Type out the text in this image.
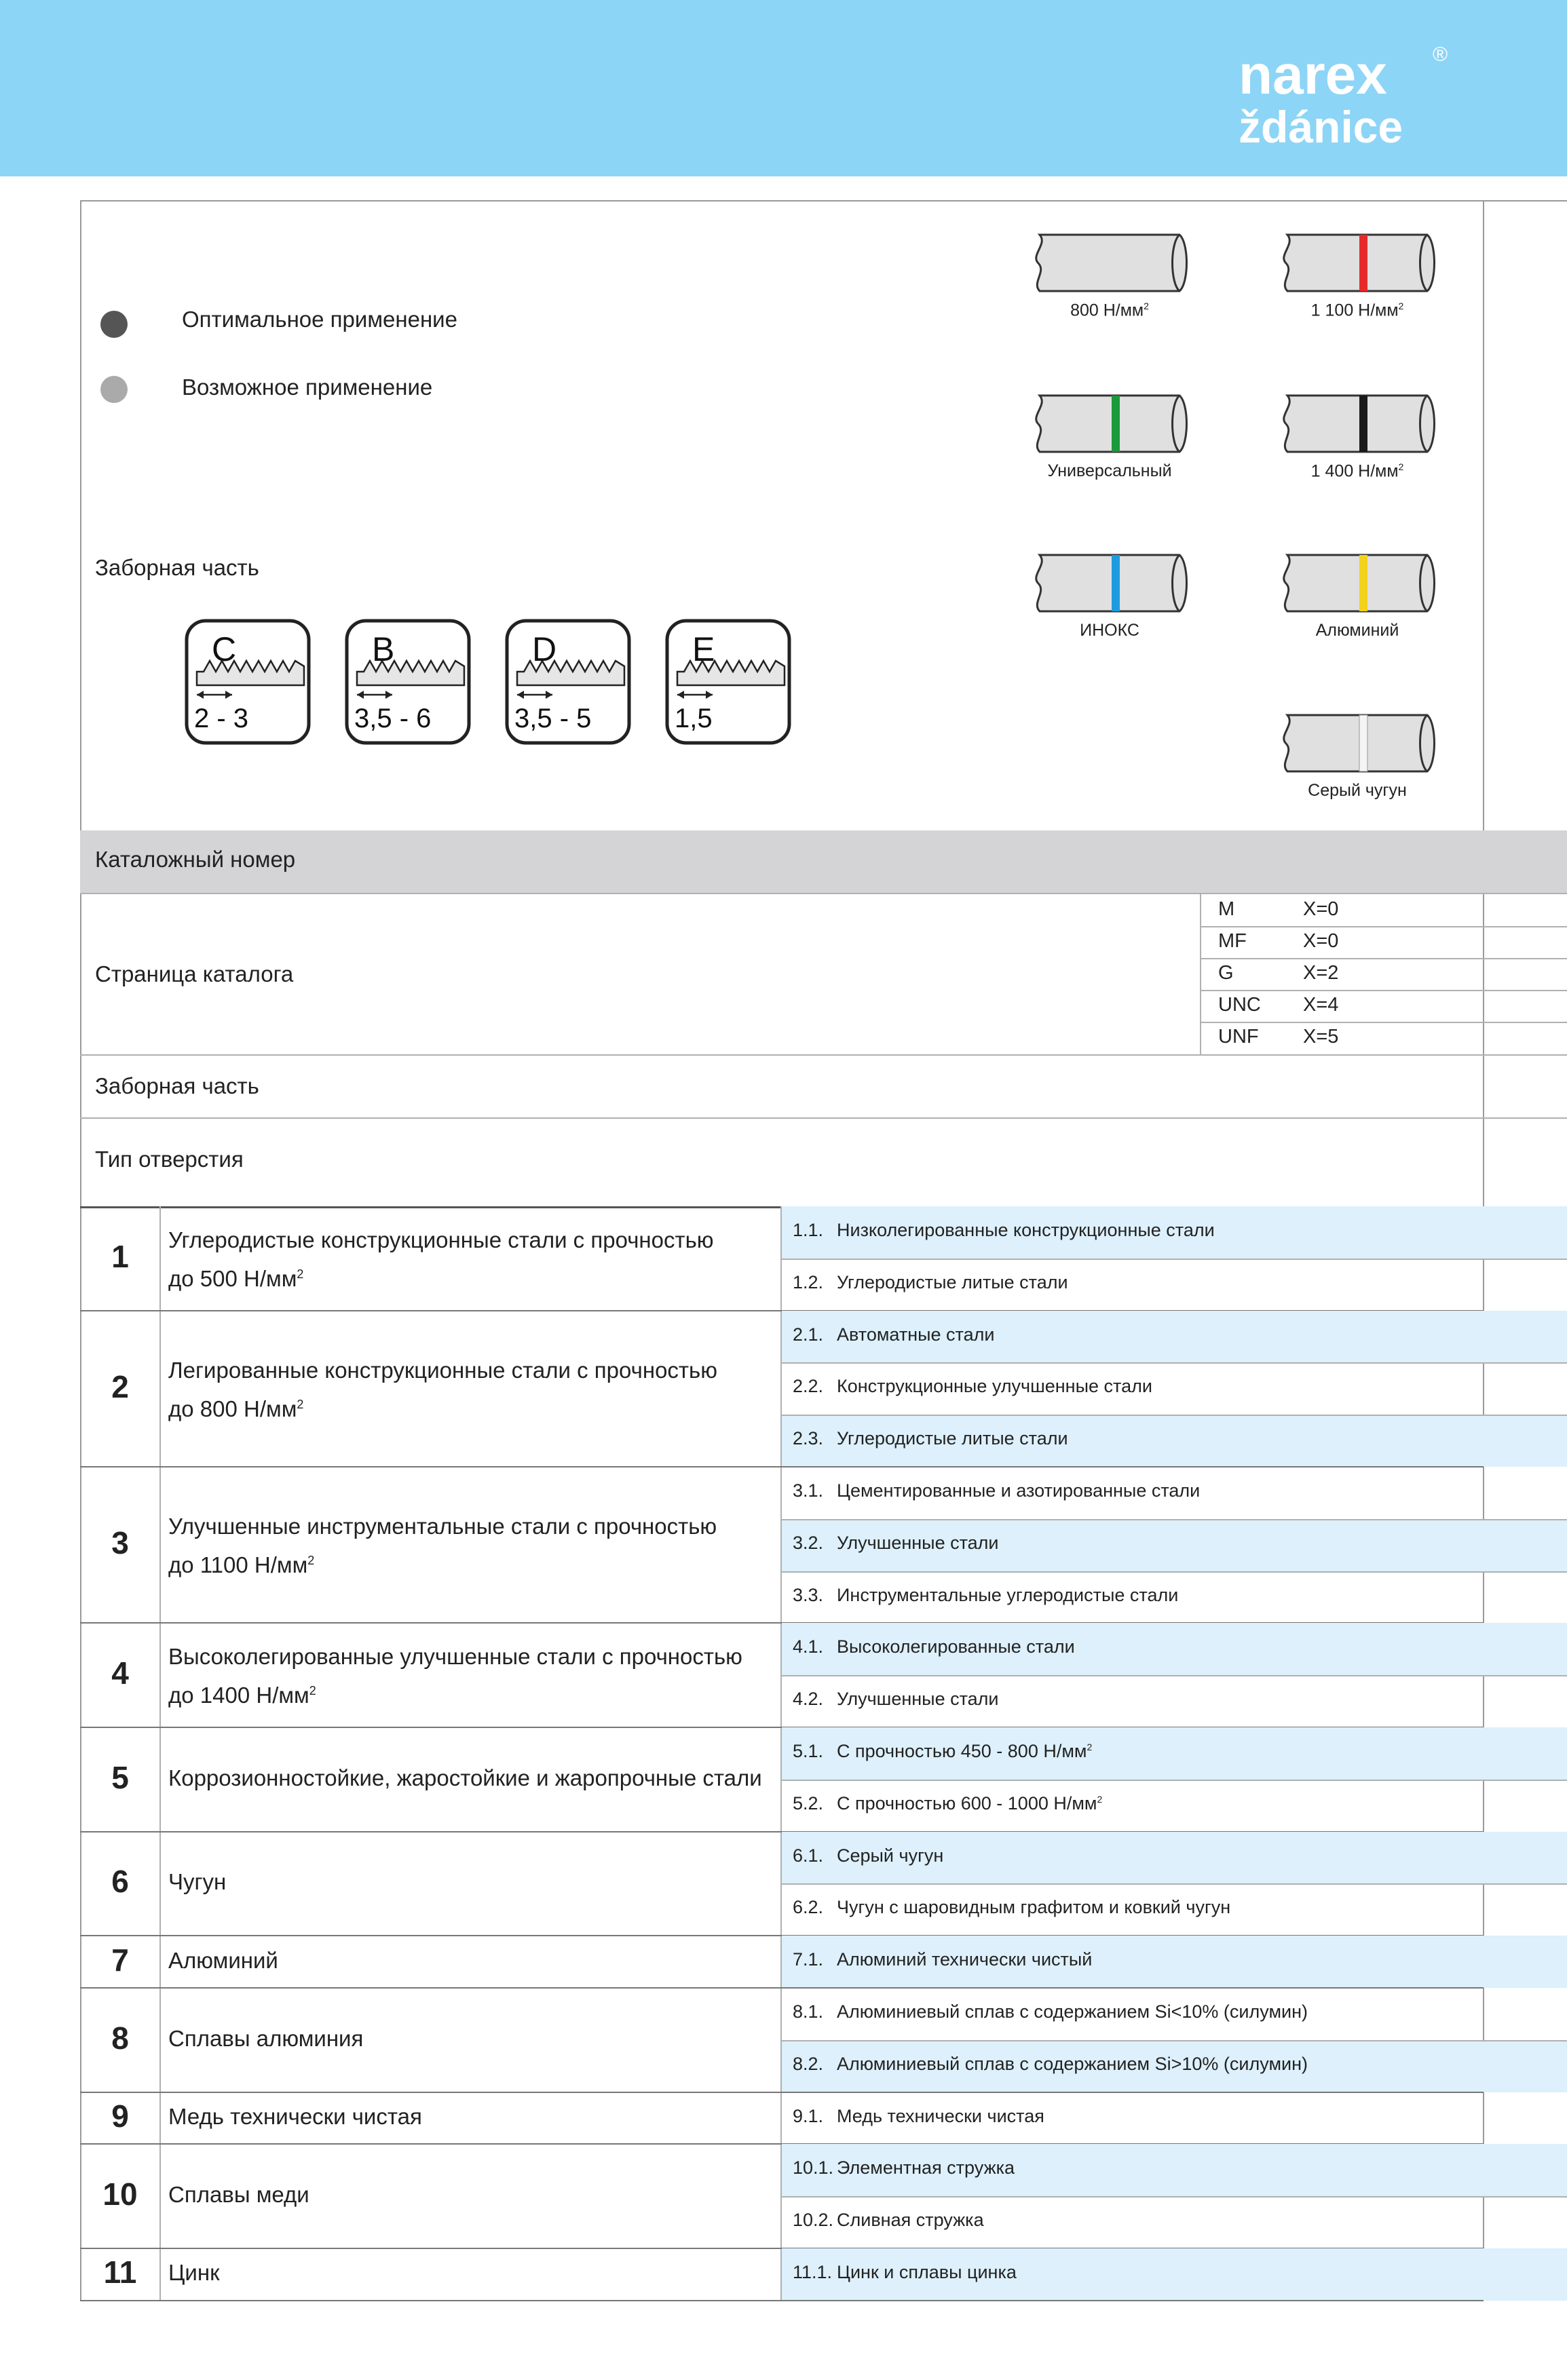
narex
ždánice
®
Оптимальное применение
Возможное применение
Заборная часть
C
2 - 3
B
3,5 - 6
D
3,5 - 5
E
1,5
800 $Н/мм^2$	1 100 $Н/мм^2$
Универсальный	1 400 $Н/мм^2$
ИНОКС	Алюминий
Серый чугун
Каталожный номер
Страница каталога
M	X=0
MF	X=0
G	X=2
UNC X=4
UNF X=5
Заборная часть
Тип отверстия
1.1. Низколегированные конструкционные стали
1.2. Углеродистые литые стали
1	Углеродистые конструкционные стали с прочностью
до 500 $Н/мм^2$
2.1. Автоматные стали
2.2. Конструкционные улучшенные стали
2.3. Углеродистые литые стали
2	Легированные конструкционные стали с прочностью
до 800 $Н/мм^2$
3.1. Цементированные и азотированные стали
3.2. Улучшенные стали
3.3. Инструментальные углеродистые стали
3	Улучшенные инструментальные стали с прочностью
до 1100 $Н/мм^2$
4.1. Высоколегированные стали
4.2. Улучшенные стали
4	Высоколегированные улучшенные стали с прочностью
до 1400 $Н/мм^2$
5.1. С прочностью 450 - 800 $Н/мм^2$
5.2. С прочностью 600 - 1000 $Н/мм^2$
5	Коррозионностойкие, жаростойкие и жаропрочные стали
6.1. Серый чугун
6.2. Чугун с шаровидным графитом и ковкий чугун
6	Чугун
7.1. Алюминий технически чистый
7	Алюминий
8.1. Алюминиевый сплав с содержанием Si<10% (силумин)
8.2. Алюминиевый сплав с содержанием Si>10% (силумин)
8	Сплавы алюминия
9.1. Медь технически чистая
9	Медь технически чистая
10.1. Элементная стружка
10.2. Сливная стружка
10	Сплавы меди
11.1. Цинк и сплавы цинка
11	Цинк
